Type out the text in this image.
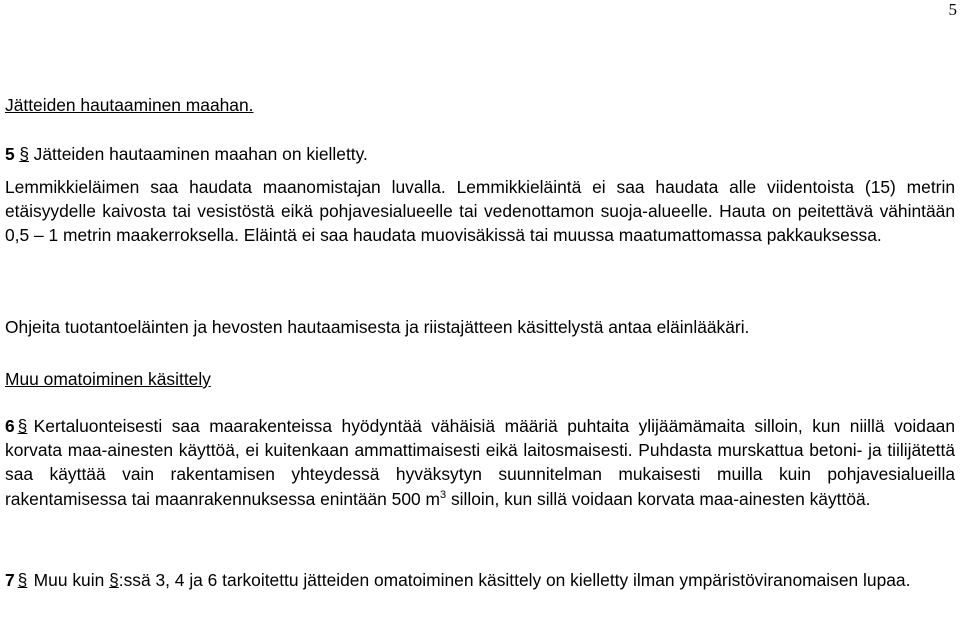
5

Jätteiden hautaaminen maahan.

5 § Jätteiden hautaaminen maahan on kielletty.

Lemmikkieläimen saa haudata maanomistajan luvalla. Lemmikkieläintä ei saa haudata alle viidentoista (15) metrin etäisyydelle kaivosta tai vesistöstä eikä pohjavesialueelle tai vedenottamon suoja-alueelle. Hauta on peitettävä vähintään 0,5 – 1 metrin maakerroksella. Eläintä ei saa haudata muovisäkissä tai muussa maatumattomassa pakkauksessa.

Ohjeita tuotantoeläinten ja hevosten hautaamisesta ja riistajätteen käsittelystä antaa eläinlääkäri.

Muu omatoiminen käsittely

6 § Kertaluonteisesti saa maarakenteissa hyödyntää vähäisiä määriä puhtaita ylijäämämaita silloin, kun niillä voidaan korvata maa-ainesten käyttöä, ei kuitenkaan ammattimaisesti eikä laitosmaisesti. Puhdasta murskattua betoni- ja tiilijätettä saa käyttää vain rakentamisen yhteydessä hyväksytyn suunnitelman mukaisesti muilla kuin pohjavesialueilla rakentamisessa tai maanrakennuksessa enintään 500 $m^3$ silloin, kun sillä voidaan korvata maa-ainesten käyttöä.

7 § Muu kuin §:ssä 3, 4 ja 6 tarkoitettu jätteiden omatoiminen käsittely on kielletty ilman ympäristöviranomaisen lupaa.
